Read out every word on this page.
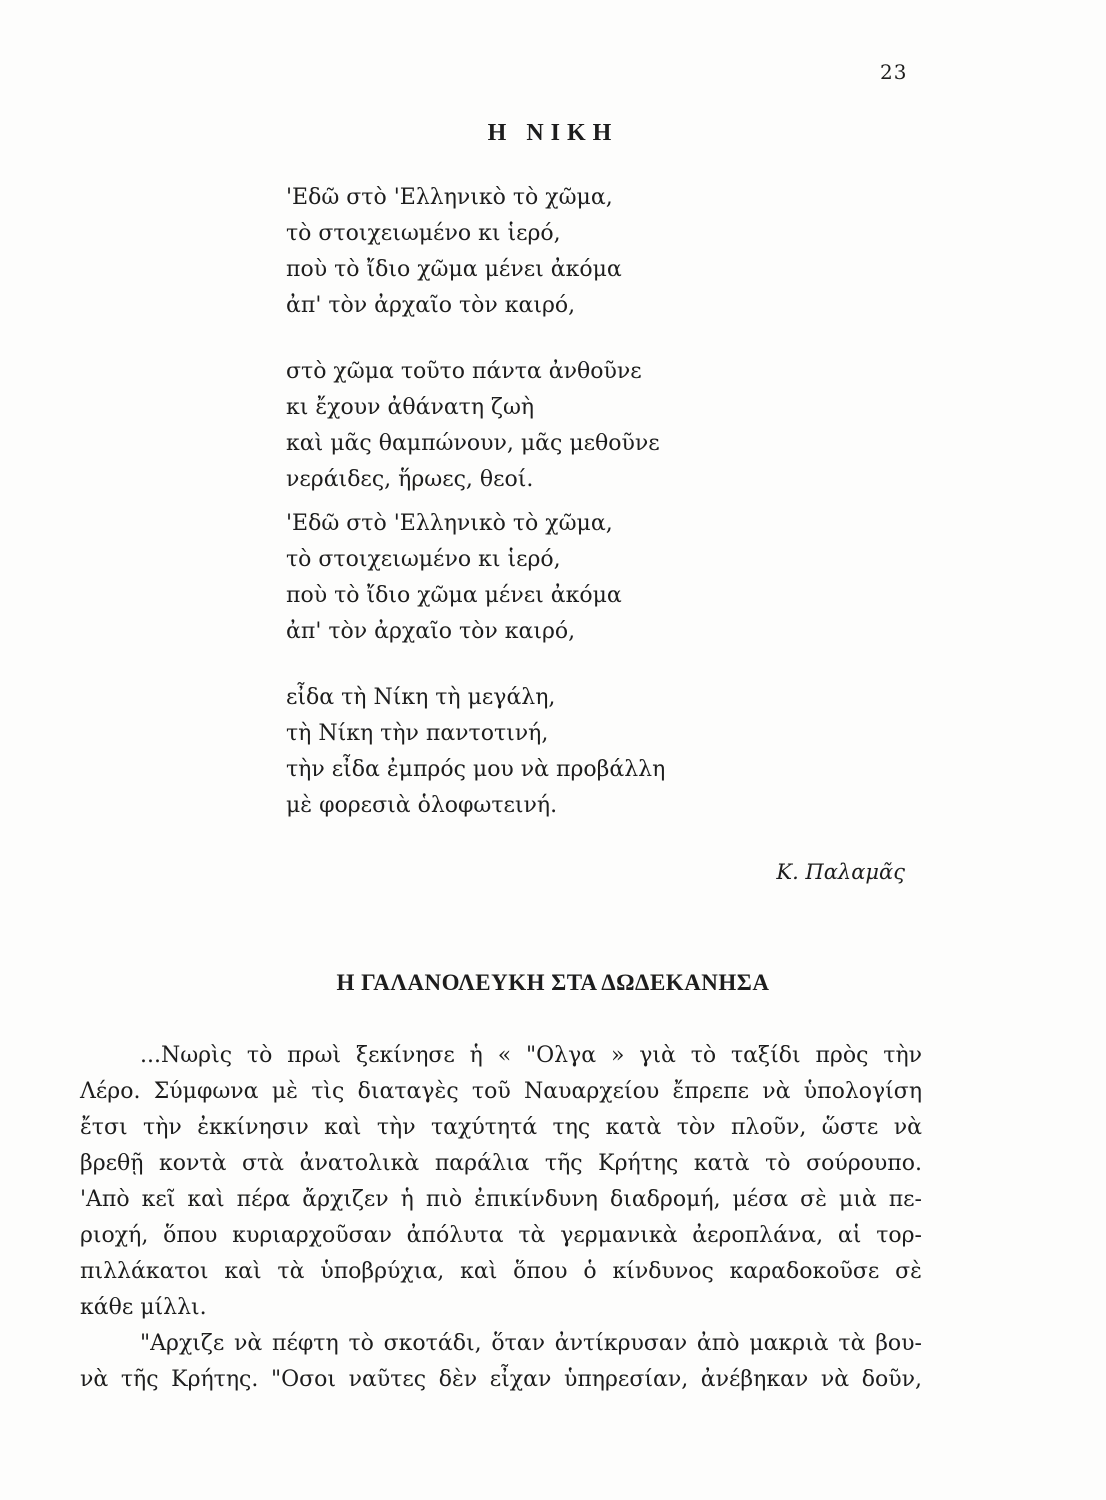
23
Η ΝΙΚΗ
'Εδῶ στὸ 'Ελληνικὸ τὸ χῶμα,
τὸ στοιχειωμένο κι ἱερό,
ποὺ τὸ ἴδιο χῶμα μένει ἀκόμα
ἀπ' τὸν ἀρχαῖο τὸν καιρό,
στὸ χῶμα τοῦτο πάντα ἀνθοῦνε
κι ἔχουν ἀθάνατη ζωὴ
καὶ μᾶς θαμπώνουν, μᾶς μεθοῦνε
νεράιδες, ἥρωες, θεοί.
'Εδῶ στὸ 'Ελληνικὸ τὸ χῶμα,
τὸ στοιχειωμένο κι ἱερό,
ποὺ τὸ ἴδιο χῶμα μένει ἀκόμα
ἀπ' τὸν ἀρχαῖο τὸν καιρό,
εἶδα τὴ Νίκη τὴ μεγάλη,
τὴ Νίκη τὴν παντοτινή,
τὴν εἶδα ἐμπρός μου νὰ προβάλλη
μὲ φορεσιὰ ὁλοφωτεινή.
Κ. Παλαμᾶς
Η ΓΑΛΑΝΟΛΕΥΚΗ ΣΤΑ ΔΩΔΕΚΑΝΗΣΑ
...Νωρὶς τὸ πρωὶ ξεκίνησε ἡ « "Ολγα » γιὰ τὸ ταξίδι πρὸς τὴν
Λέρο. Σύμφωνα μὲ τὶς διαταγὲς τοῦ Ναυαρχείου ἔπρεπε νὰ ὑπολογίση
ἔτσι τὴν ἐκκίνησιν καὶ τὴν ταχύτητά της κατὰ τὸν πλοῦν, ὥστε νὰ
βρεθῇ κοντὰ στὰ ἀνατολικὰ παράλια τῆς Κρήτης κατὰ τὸ σούρουπο.
'Απὸ κεῖ καὶ πέρα ἄρχιζεν ἡ πιὸ ἐπικίνδυνη διαδρομή, μέσα σὲ μιὰ πε-
ριοχή, ὅπου κυριαρχοῦσαν ἀπόλυτα τὰ γερμανικὰ ἀεροπλάνα, αἱ τορ-
πιλλάκατοι καὶ τὰ ὑποβρύχια, καὶ ὅπου ὁ κίνδυνος καραδοκοῦσε σὲ
κάθε μίλλι.
"Αρχιζε νὰ πέφτη τὸ σκοτάδι, ὅταν ἀντίκρυσαν ἀπὸ μακριὰ τὰ βου-
νὰ τῆς Κρήτης. "Οσοι ναῦτες δὲν εἶχαν ὑπηρεσίαν, ἀνέβηκαν νὰ δοῦν,
